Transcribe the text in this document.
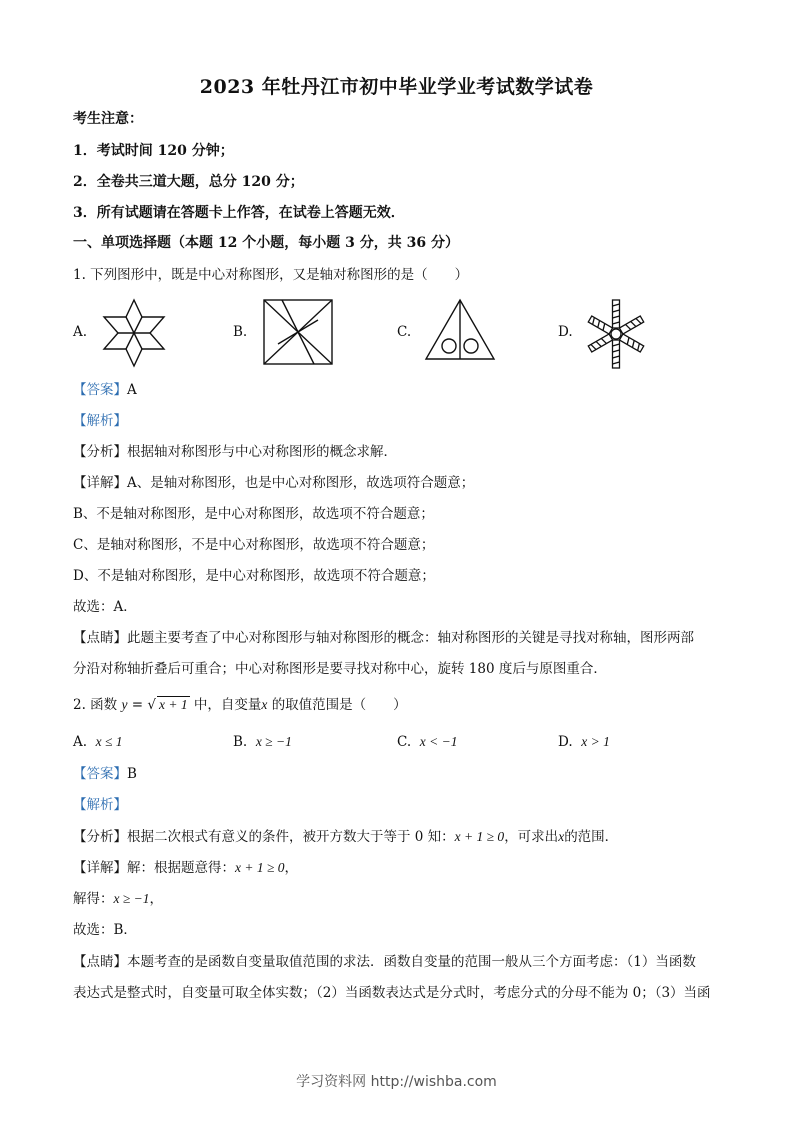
2023 年牡丹江市初中毕业学业考试数学试卷
考生注意：
1．考试时间 120 分钟；
2．全卷共三道大题，总分 120 分；
3．所有试题请在答题卡上作答，在试卷上答题无效．
一、单项选择题（本题 12 个小题，每小题 3 分，共 36 分）
1. 下列图形中，既是中心对称图形，又是轴对称图形的是（　　）
A.	B.	C.	D.
【答案】A
【解析】
【分析】根据轴对称图形与中心对称图形的概念求解．
【详解】A、是轴对称图形，也是中心对称图形，故选项符合题意；
B、不是轴对称图形，是中心对称图形，故选项不符合题意；
C、是轴对称图形，不是中心对称图形，故选项不符合题意；
D、不是轴对称图形，是中心对称图形，故选项不符合题意；
故选：A．
【点睛】此题主要考查了中心对称图形与轴对称图形的概念：轴对称图形的关键是寻找对称轴，图形两部
分沿对称轴折叠后可重合；中心对称图形是要寻找对称中心，旋转 180 度后与原图重合．
2. 函数 y = √ x + 1 中，自变量x 的取值范围是（　　）
A. x ≤ 1	B. x ≥ −1	C. x < −1	D. x > 1
【答案】B
【解析】
【分析】根据二次根式有意义的条件，被开方数大于等于 0 知：x + 1 ≥ 0，可求出x的范围．
【详解】解：根据题意得：x + 1 ≥ 0，
解得：x ≥ −1，
故选：B．
【点睛】本题考查的是函数自变量取值范围的求法．函数自变量的范围一般从三个方面考虑：（1）当函数
表达式是整式时，自变量可取全体实数；（2）当函数表达式是分式时，考虑分式的分母不能为 0；（3）当函
学习资料网 http://wishba.com
